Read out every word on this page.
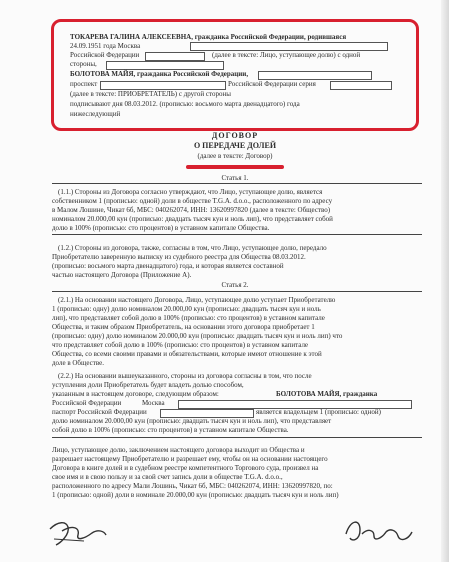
ТОКАРЕВА ГАЛИНА АЛЕКСЕЕВНА, гражданка Российской Федерации, родившаяся
24.09.1951 года Москва
Российской Федерации	(далее в тексте: Лицо, уступающее долю) с одной
стороны,
БОЛОТОВА МАЙЯ, гражданка Российской Федерации,
проспект	Российской Федерации серия
(далее в тексте: ПРИОБРЕТАТЕЛЬ) с другой стороны
подписывают дня 08.03.2012. (прописью: восьмого марта двенадцатого) года
нижеследующий
ДОГОВОР
О ПЕРЕДАЧЕ ДОЛЕЙ
(далее в тексте: Договор)
Статья 1.
(1.1.) Стороны из Договора согласно утверждают, что Лицо, уступающее долю, является
собственником 1 (прописью: одной) доли в обществе T.G.A. d.o.o., расположенного по адресу
в Малом Лошине, Чикат 6б, МБС: 040262074, ИНН: 13620997820 (далее в тексте: Общество)
номиналом 20.000,00 кун (прописью: двадцать тысяч кун и ноль лип), что представляет собой
долю в 100% (прописью: сто процентов) в уставном капитале Общества.
(1.2.) Стороны из договора, также, согласны в том, что Лицо, уступающее долю, передало
Приобретателю заверенную выписку из судебного реестра для Общества 08.03.2012.
(прописью: восьмого марта двенадцатого) года, и которая является составной
частью настоящего Договора (Приложение А).
Статья 2.
(2.1.) На основании настоящего Договора, Лицо, уступающее долю уступает Приобретателю
1 (прописью: одну) долю номиналом 20.000,00 кун (прописью: двадцать тысяч кун и ноль
лип), что представляет собой долю в 100% (прописью: сто процентов) в уставном капитале
Общества, и таким образом Приобретатель, на основании этого договора приобретает 1
(прописью: одну) долю номиналом 20.000,00 кун (прописью: двадцать тысяч кун и ноль лип) что
что представляет собой долю в 100% (прописью: сто процентов) в уставном капитале
Общества, со всеми своими правами и обязательствами, которые имеют отношение к этой
доле в Обществе.
(2.2.) На основании вышеуказанного, стороны из договора согласны в том, что после
уступления доли Приобретатель будет владеть долью способом,
указанным в настоящем договоре, следующим образом:	БОЛОТОВА МАЙЯ, гражданка
Российской Федерации	Москва
паспорт Российской Федерации	является владельцем 1 (прописью: одной)
долю номиналом 20.000,00 кун (прописью: двадцать тысяч кун и ноль лип), что представляет
собой долю в 100% (прописью: сто процентов) в уставном капитале Общества.
Лицо, уступающее долю, заключением настоящего договора выходит из Общества и
разрешает настоящему Приобретателю и разрешает ему, чтобы он на основании настоящего
Договора в книге долей и в судебном реестре компетентного Торгового суда, произвел на
свое имя и в свою пользу и за свой счет запись доли в обществе T.G.A. d.o.o.,
расположенного по адресу Мали Лошинь, Чикат 6б, МБС: 040262074, ИНН: 13620997820, по:
1 (прописью: одной) доли в номинале 20.000,00 кун (прописью: двадцать тысяч кун и ноль лип)
